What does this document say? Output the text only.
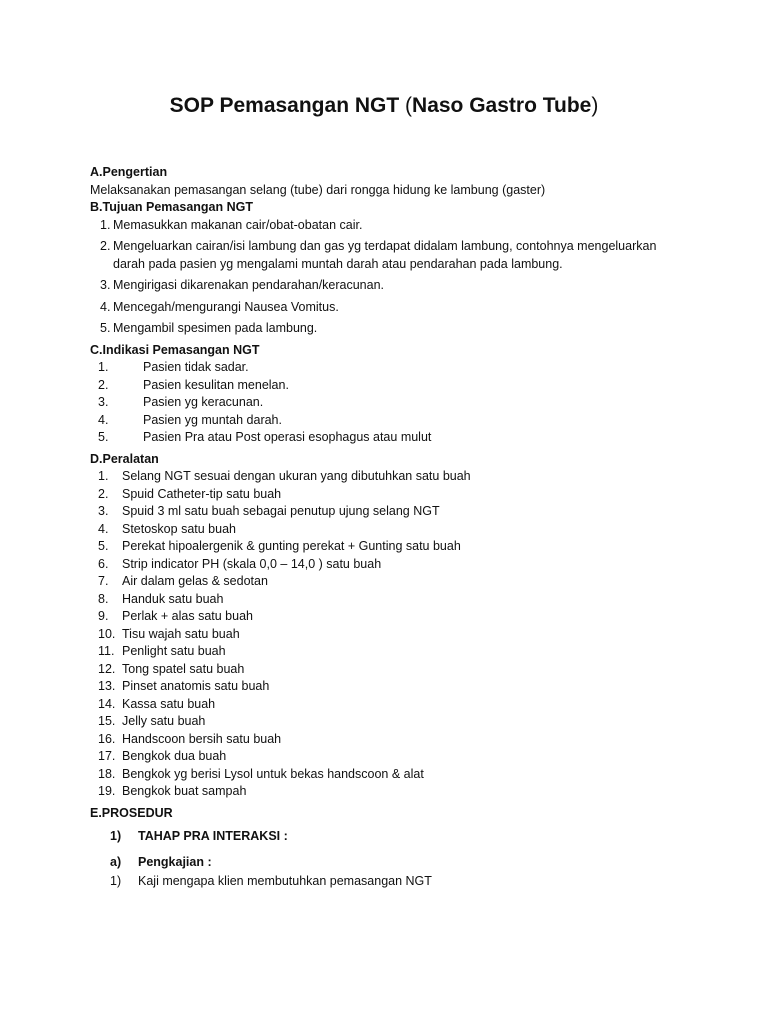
SOP Pemasangan NGT (Naso Gastro Tube)
A.Pengertian

Melaksanakan pemasangan selang (tube) dari rongga hidung ke lambung (gaster)

B.Tujuan Pemasangan NGT
1. Memasukkan makanan cair/obat-obatan cair.
2. Mengeluarkan cairan/isi lambung dan gas yg terdapat didalam lambung, contohnya mengeluarkan darah pada pasien yg mengalami muntah darah atau pendarahan pada lambung.
3. Mengirigasi dikarenakan pendarahan/keracunan.
4. Mencegah/mengurangi Nausea Vomitus.
5. Mengambil spesimen pada lambung.
C.Indikasi Pemasangan NGT
1.	Pasien tidak sadar.
2.	Pasien kesulitan menelan.
3.	Pasien yg keracunan.
4.	Pasien yg muntah darah.
5.	Pasien Pra atau Post operasi esophagus atau mulut
D.Peralatan
1.	Selang NGT sesuai dengan ukuran yang dibutuhkan satu buah
2.	Spuid Catheter-tip satu buah
3.	Spuid 3 ml satu buah sebagai penutup ujung selang NGT
4.	Stetoskop satu buah
5.	Perekat hipoalergenik & gunting perekat + Gunting satu buah
6.	Strip indicator PH (skala 0,0 – 14,0 ) satu buah
7.	Air dalam gelas & sedotan
8.	Handuk satu buah
9.	Perlak + alas satu buah
10. Tisu wajah satu buah
11. Penlight satu buah
12. Tong spatel satu buah
13. Pinset anatomis satu buah
14. Kassa satu buah
15. Jelly satu buah
16. Handscoon bersih satu buah
17. Bengkok dua buah
18. Bengkok yg berisi Lysol untuk bekas handscoon & alat
19. Bengkok buat sampah
E.PROSEDUR
1)	TAHAP PRA INTERAKSI :
a)	Pengkajian :
1)	Kaji mengapa klien membutuhkan pemasangan NGT
